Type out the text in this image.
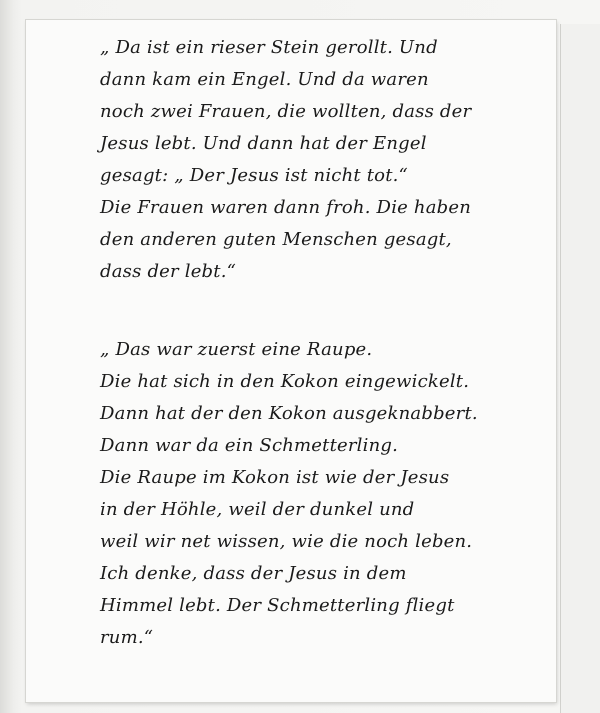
„ Da ist ein rieser Stein gerollt. Und
dann kam ein Engel. Und da waren
noch zwei Frauen, die wollten, dass der
Jesus lebt. Und dann hat der Engel
gesagt: „ Der Jesus ist nicht tot.“
Die Frauen waren dann froh. Die haben
den anderen guten Menschen gesagt,
dass der lebt.“
„ Das war zuerst eine Raupe.
Die hat sich in den Kokon eingewickelt.
Dann hat der den Kokon ausgeknabbert.
Dann war da ein Schmetterling.
Die Raupe im Kokon ist wie der Jesus
in der Höhle, weil der dunkel und
weil wir net wissen, wie die noch leben.
Ich denke, dass der Jesus in dem
Himmel lebt. Der Schmetterling fliegt
rum.“
